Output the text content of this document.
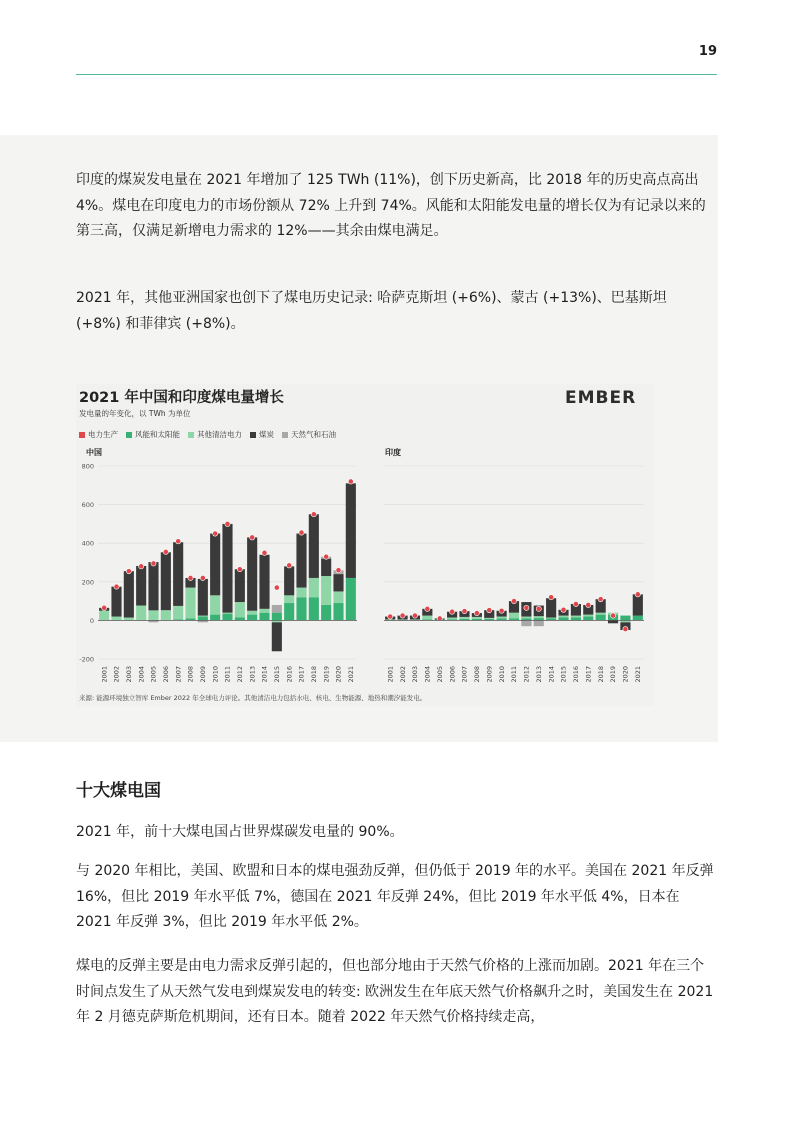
19

印度的煤炭发电量在 2021 年增加了 125 TWh (11%)，创下历史新高，比 2018 年的历史高点高出 4%。煤电在印度电力的市场份额从 72% 上升到 74%。风能和太阳能发电量的增长仅为有记录以来的第三高，仅满足新增电力需求的 12%——其余由煤电满足。

2021 年，其他亚洲国家也创下了煤电历史记录: 哈萨克斯坦 (+6%)、蒙古 (+13%)、巴基斯坦 (+8%) 和菲律宾 (+8%)。

2021 年中国和印度煤电量增长
发电量的年变化，以 TWh 为单位
EMBER
电力生产 风能和太阳能 其他清洁电力 煤炭 天然气和石油
中国	印度
800
600
400
200
0
-200
2001 2002 2003 2004 2005 2006 2007 2008 2009 2010 2011 2012 2013 2014 2015 2016 2017 2018 2019 2020 2021	2001 2002 2003 2004 2005 2006 2007 2008 2009 2010 2011 2012 2013 2014 2015 2016 2017 2018 2019 2020 2021
来源: 能源环境独立智库 Ember 2022 年全球电力评论。其他清洁电力包括水电、核电、生物能源、地热和潮汐能发电。
十大煤电国

2021 年，前十大煤电国占世界煤碳发电量的 90%。

与 2020 年相比，美国、欧盟和日本的煤电强劲反弹，但仍低于 2019 年的水平。美国在 2021 年反弹 16%，但比 2019 年水平低 7%，德国在 2021 年反弹 24%，但比 2019 年水平低 4%，日本在 2021 年反弹 3%，但比 2019 年水平低 2%。

煤电的反弹主要是由电力需求反弹引起的，但也部分地由于天然气价格的上涨而加剧。2021 年在三个时间点发生了从天然气发电到煤炭发电的转变: 欧洲发生在年底天然气价格飙升之时，美国发生在 2021 年 2 月德克萨斯危机期间，还有日本。随着 2022 年天然气价格持续走高，
